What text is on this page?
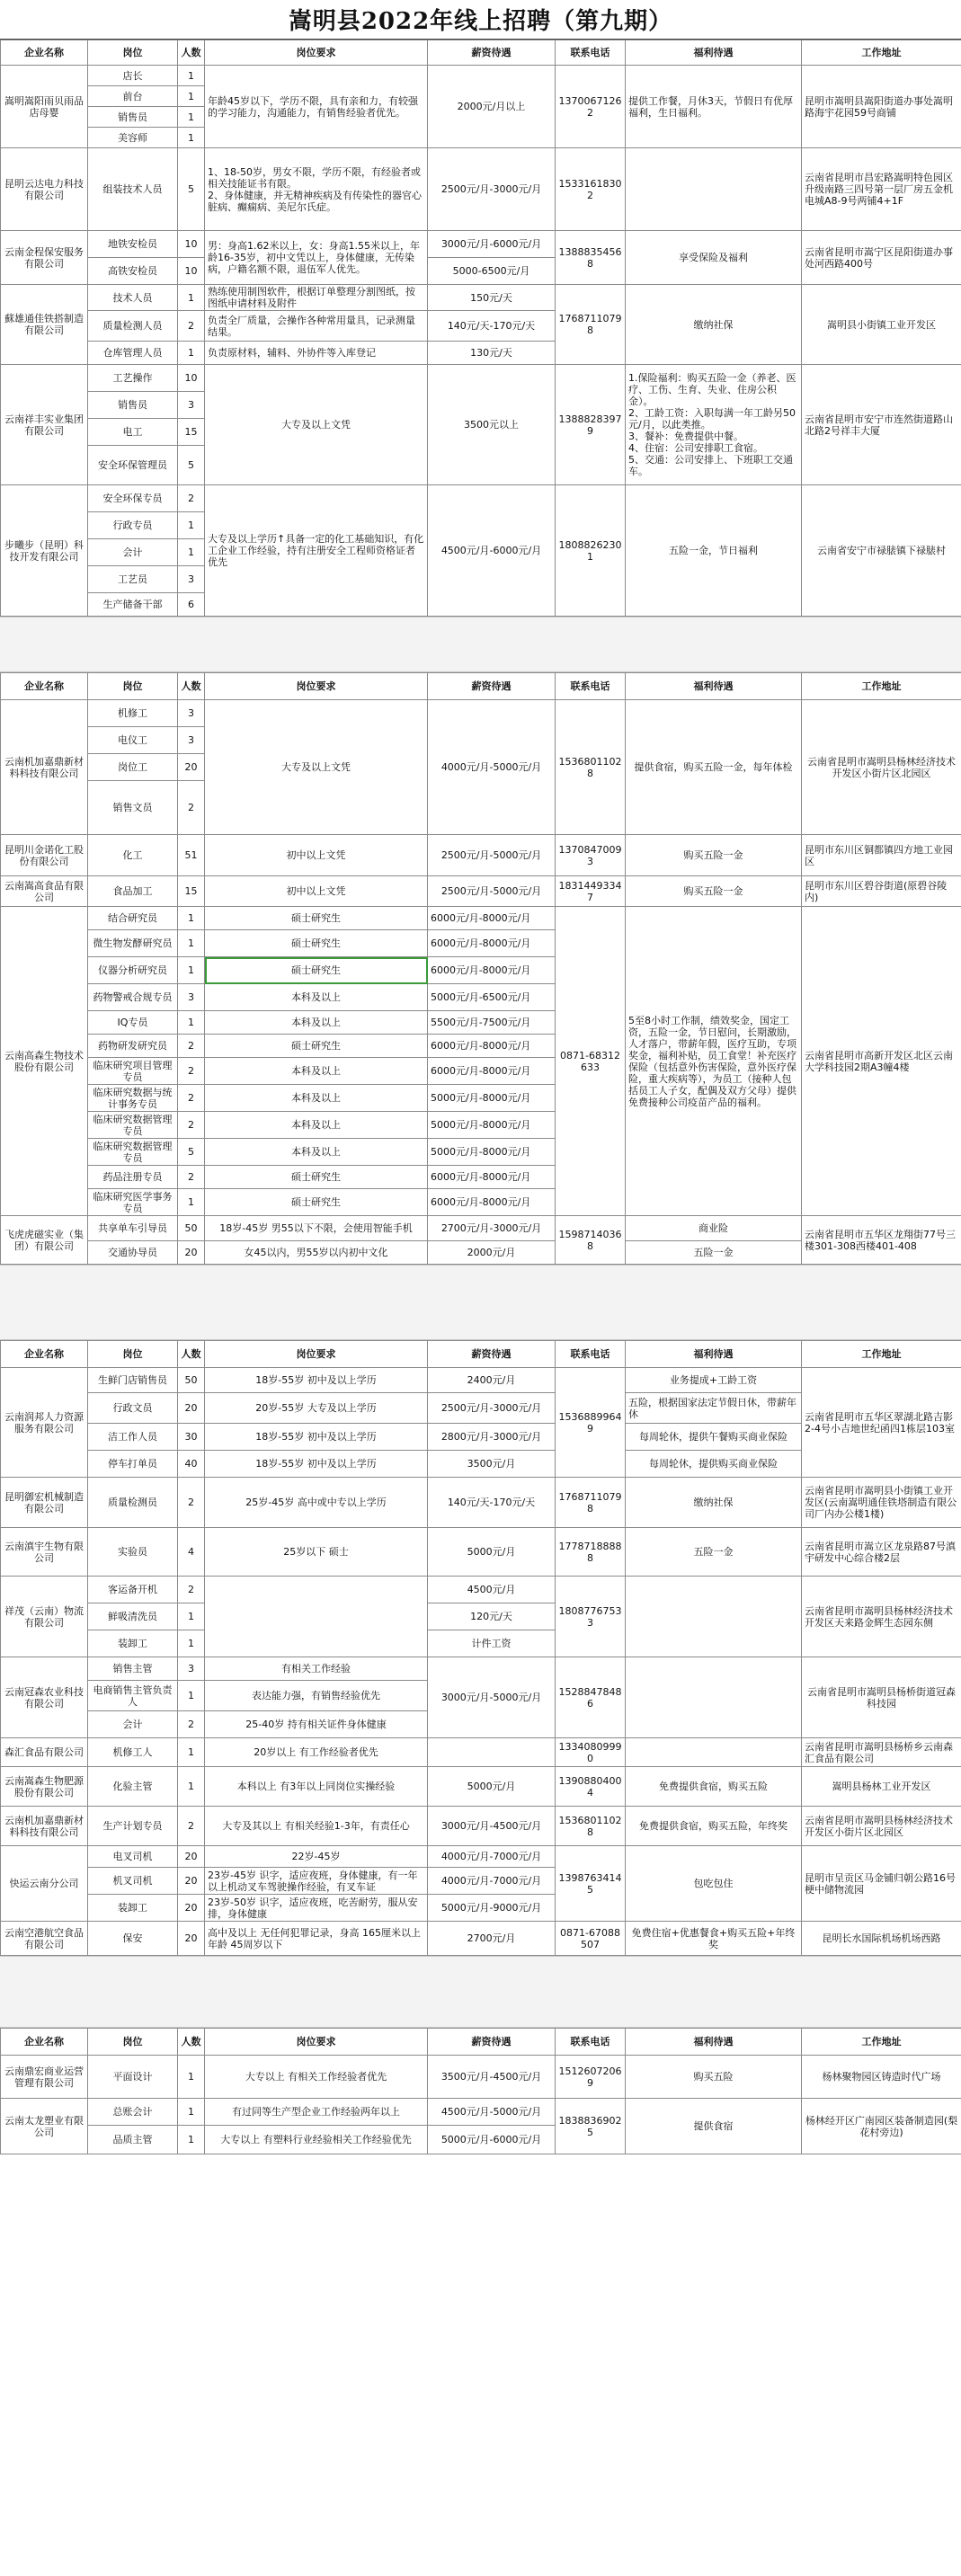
嵩明县2022年线上招聘（第九期）
企业名称	岗位	人数	岗位要求	薪资待遇	联系电话	福利待遇	工作地址
嵩明嵩阳雨贝雨品店母婴	店长	1	年龄45岁以下，学历不限，具有亲和力，有较强的学习能力，沟通能力，有销售经验者优先。	2000元/月以上	13700671262	提供工作餐，月休3天，节假日有优厚福利，生日福利。	昆明市嵩明县嵩阳街道办事处嵩明路海宇花园59号商铺
	前台	1					
	销售员	1					
	美容师	1					
昆明云达电力科技有限公司	组装技术人员	5	1、18-50岁，男女不限，学历不限，有经验者或相关技能证书有限。
2、身体健康，并无精神疾病及有传染性的器官心脏病、癫痫病、美尼尔氏症。	2500元/月-3000元/月	15331618302		云南省昆明市昌宏路嵩明特色园区升级南路三四号第一层厂房五金机电城A8-9号两铺4+1F
云南金程保安服务有限公司	地铁安检员	10	男：身高1.62米以上，女：身高1.55米以上，年龄16-35岁，初中文凭以上，身体健康，无传染病，户籍名额不限，退伍军人优先。	3000元/月-6000元/月	13888354568	享受保险及福利	云南省昆明市嵩宁区昆阳街道办事处河西路400号
	高铁安检员	10		5000-6500元/月			
蘇雄通佳铁搭制造有限公司	技术人员	1	熟练使用制图软件，根据订单整理分割图纸，按图纸申请材料及附件	150元/天	17687110798	缴纳社保	嵩明县小街镇工业开发区
	质量检测人员	2	负责全厂质量，会操作各种常用量具，记录测量结果。	140元/天-170元/天			
	仓库管理人员	1	负责原材料，辅料、外协件等入库登记	130元/天			
云南祥丰实业集团有限公司	工艺操作	10	大专及以上文凭	3500元以上	13888283979	1.保险福利：购买五险一金（养老、医疗、工伤、生育、失业、住房公积金）。
2、工龄工资：入职每满一年工龄另50元/月，以此类推。
3、餐补：免费提供中餐。
4、住宿：公司安排职工食宿。
5、交通：公司安排上、下班职工交通车。	云南省昆明市安宁市连然街道路山北路2号祥丰大厦
	销售员	3					
	电工	15					
	安全环保管理员	5					
步曦步（昆明）科技开发有限公司	安全环保专员	2	大专及以上学历↑具备一定的化工基础知识，有化工企业工作经验，持有注册安全工程师资格证者优先	4500元/月-6000元/月	18088262301	五险一金，节日福利	云南省安宁市禄脿镇下禄脿村
	行政专员	1					
	会计	1					
	工艺员	3					
	生产储备干部	6					
企业名称	岗位	人数	岗位要求	薪资待遇	联系电话	福利待遇	工作地址
云南机加嘉鼎新材料科技有限公司	机修工	3	大专及以上文凭	4000元/月-5000元/月	15368011028	提供食宿，购买五险一金，每年体检	云南省昆明市嵩明县杨林经济技术开发区小街片区北园区
	电仪工	3					
	岗位工	20					
	销售文员	2					
昆明川金诺化工股份有限公司	化工	51	初中以上文凭	2500元/月-5000元/月	13708470093	购买五险一金	昆明市东川区铜都镇四方地工业园区
云南嵩高食品有限公司	食品加工	15	初中以上文凭	2500元/月-5000元/月	18314493347	购买五险一金	昆明市东川区碧谷街道(原碧谷陵内)
云南高森生物技术股份有限公司	结合研究员	1	硕士研究生	6000元/月-8000元/月	0871-68312633	5至8小时工作制，绩效奖金，国定工资，五险一金，节日慰问，长期激励，人才落户，带薪年假，医疗互助，专项奖金，福利补贴，员工食堂！补充医疗保险（包括意外伤害保险，意外医疗保险，重大疾病等），为员工（接种人包括员工人子女，配偶及双方父母）提供免费接种公司疫苗产品的福利。	云南省昆明市高新开发区北区云南大学科技园2期A3幢4楼
	微生物发酵研究员	1	硕士研究生	6000元/月-8000元/月			
	仪器分析研究员	1	硕士研究生	6000元/月-8000元/月			
	药物警戒合规专员	3	本科及以上	5000元/月-6500元/月			
	IQ专员	1	本科及以上	5500元/月-7500元/月			
	药物研发研究员	2	硕士研究生	6000元/月-8000元/月			
	临床研究项目管理专员	2	本科及以上	6000元/月-8000元/月			
	临床研究数据与统计事务专员	2	本科及以上	5000元/月-8000元/月			
	临床研究数据管理专员	2	本科及以上	5000元/月-8000元/月			
	临床研究数据管理专员	5	本科及以上	5000元/月-8000元/月			
	药品注册专员	2	硕士研究生	6000元/月-8000元/月			
	临床研究医学事务专员	1	硕士研究生	6000元/月-8000元/月			
飞虎虎磁实业（集团）有限公司	共享单车引导员	50	18岁-45岁 男55以下不限，会使用智能手机	2700元/月-3000元/月	15987140368	商业险	云南省昆明市五华区龙翔街77号三楼301-308西楼401-408
	交通协导员	20	女45以内，男55岁以内初中文化	2000元/月		五险一金	
企业名称	岗位	人数	岗位要求	薪资待遇	联系电话	福利待遇	工作地址
云南润邦人力资源服务有限公司	生鲜门店销售员	50	18岁-55岁 初中及以上学历	2400元/月	15368899649	业务提成+工龄工资	云南省昆明市五华区翠湖北路吉影2-4号小吉地世纪函四1栋层103室
	行政文员	20	20岁-55岁 大专及以上学历	2500元/月-3000元/月		五险，根据国家法定节假日休，带薪年休	
	洁工作人员	30	18岁-55岁 初中及以上学历	2800元/月-3000元/月		每周轮休，提供午餐购买商业保险	
	停车打单员	40	18岁-55岁 初中及以上学历	3500元/月		每周轮休，提供购买商业保险	
昆明御宏机械制造有限公司	质量检测员	2	25岁-45岁 高中或中专以上学历	140元/天-170元/天	17687110798	缴纳社保	云南省昆明市嵩明县小街镇工业开发区(云南嵩明通佳铁塔制造有限公司厂内办公楼1楼)
云南滇宇生物有限公司	实验员	4	25岁以下 硕士	5000元/月	17787188888	五险一金	云南省昆明市嵩立区龙泉路87号滇宇研发中心综合楼2层
祥茂（云南）物流有限公司	客运备开机	2		4500元/月	18087767533		云南省昆明市嵩明县杨林经济技术开发区天来路金辉生态园东侧
	鲜吸清洗员	1		120元/天			
	装卸工	1		计件工资			
云南冠森农业科技有限公司	销售主管	3	有相关工作经验	3000元/月-5000元/月	15288478486		云南省昆明市嵩明县杨桥街道冠森科技园
	电商销售主管负责人	1	表达能力强，有销售经验优先				
	会计	2	25-40岁 持有相关证件身体健康				
森汇食品有限公司	机修工人	1	20岁以上 有工作经验者优先		13340809990		云南省昆明市嵩明县杨桥乡云南森汇食品有限公司
云南嵩森生物肥源股份有限公司	化验主管	1	本科以上 有3年以上同岗位实操经验	5000元/月	13908804004	免费提供食宿，购买五险	嵩明县杨林工业开发区
云南机加嘉鼎新材料科技有限公司	生产计划专员	2	大专及其以上 有相关经验1-3年，有责任心	3000元/月-4500元/月	15368011028	免费提供食宿，购买五险，年终奖	云南省昆明市嵩明县杨林经济技术开发区小街片区北园区
快运云南分公司	电叉司机	20	22岁-45岁	4000元/月-7000元/月	13987634145	包吃包住	昆明市呈贡区马金铺归朝公路16号梗中储物流园
	机叉司机	20	23岁-45岁 识字，适应夜班，身体健康，有一年以上机动叉车驾驶操作经验，有叉车证	4000元/月-7000元/月			
	装卸工	20	23岁-50岁 识字，适应夜班，吃苦耐劳，服从安排，身体健康	5000元/月-9000元/月			
云南空港航空食品有限公司	保安	20	高中及以上 无任何犯罪记录，身高 165厘米以上年龄 45周岁以下	2700元/月	0871-67088507	免费住宿+优惠餐食+购买五险+年终奖	昆明长水国际机场机场西路
企业名称	岗位	人数	岗位要求	薪资待遇	联系电话	福利待遇	工作地址
云南鼎宏商业运营管理有限公司	平面设计	1	大专以上 有相关工作经验者优先	3500元/月-4500元/月	15126072069	购买五险	杨林聚物园区铸造时代广场
云南太龙塑业有限公司	总账会计	1	有过同等生产型企业工作经验两年以上	4500元/月-5000元/月	18388369025	提供食宿	杨林经开区广南园区装备制造园(梨花村旁边)
	品质主管	1	大专以上 有塑料行业经验相关工作经验优先	5000元/月-6000元/月			
